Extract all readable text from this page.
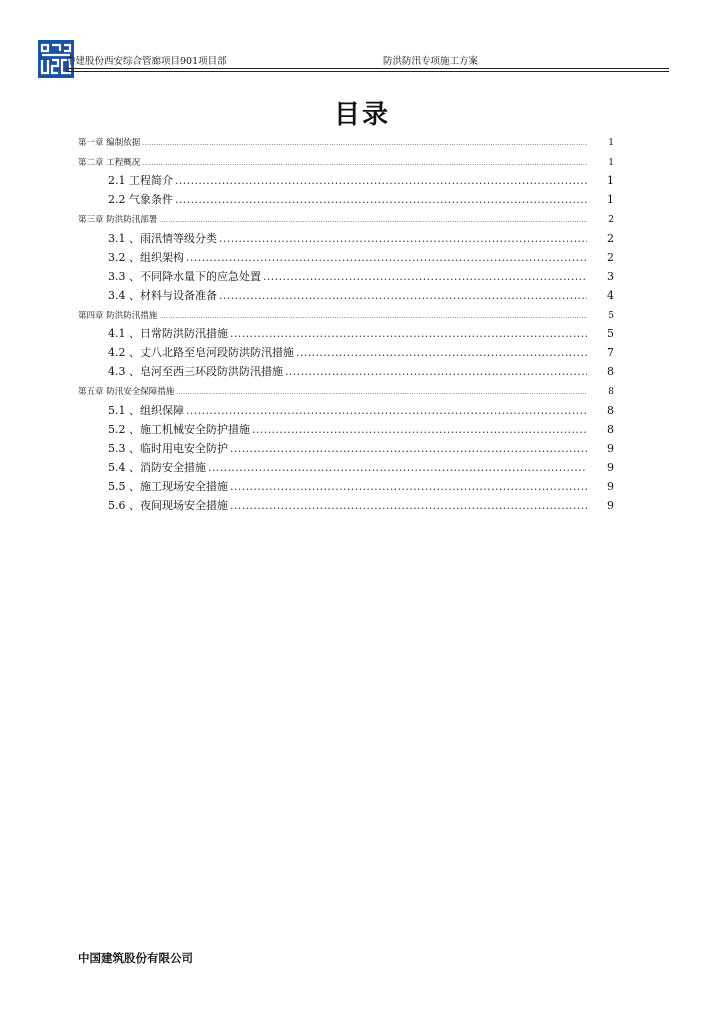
中建股份西安综合管廊项目901项目部	防洪防汛专项施工方案
目录
第一章 编制依据 .....	1
第二章 工程概况 .....	1
2.1 工程简介 .....	1
2.2 气象条件 .....	1
第三章 防洪防汛部署 .....	2
3.1 、雨汛情等级分类 .....	2
3.2 、组织架构 .....	2
3.3 、不同降水量下的应急处置 .....	3
3.4 、材料与设备准备 .....	4
第四章 防洪防汛措施 .....	5
4.1 、日常防洪防汛措施 .....	5
4.2 、丈八北路至皂河段防洪防汛措施 .....	7
4.3 、皂河至西三环段防洪防汛措施 .....	8
第五章 防汛安全保障措施 .....	8
5.1 、组织保障 .....	8
5.2 、施工机械安全防护措施 .....	8
5.3 、临时用电安全防护 .....	9
5.4 、消防安全措施 .....	9
5.5 、施工现场安全措施 .....	9
5.6 、夜间现场安全措施 .....	9
中国建筑股份有限公司
